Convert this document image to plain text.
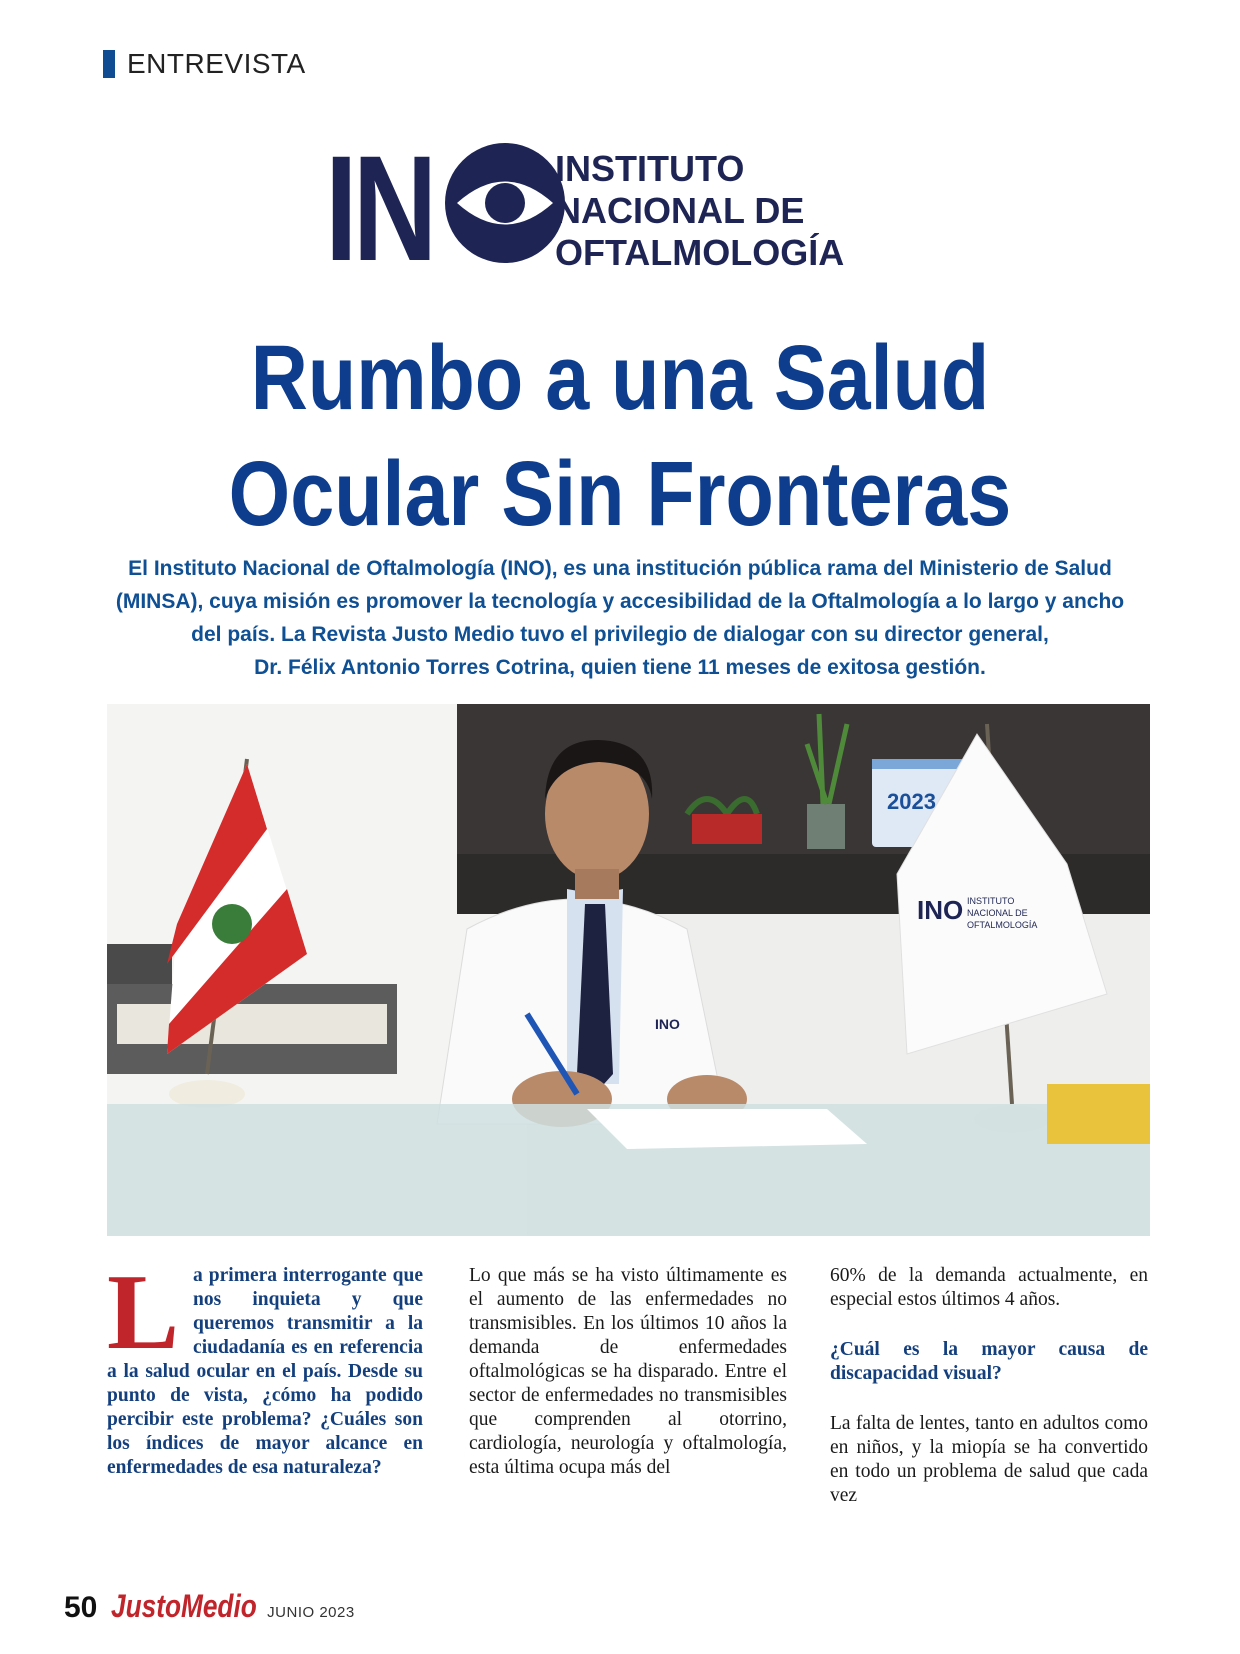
ENTREVISTA
IN	INSTITUTO
NACIONAL DE
OFTALMOLOGÍA
Rumbo a una Salud
Ocular Sin Fronteras
El Instituto Nacional de Oftalmología (INO), es una institución pública rama del Ministerio de Salud
(MINSA), cuya misión es promover la tecnología y accesibilidad de la Oftalmología a lo largo y ancho
del país. La Revista Justo Medio tuvo el privilegio de dialogar con su director general,
Dr. Félix Antonio Torres Cotrina, quien tiene 11 meses de exitosa gestión.
2023
INO
INO INSTITUTO
NACIONAL DE
OFTALMOLOGÍA
L a primera interrogante que nos inquieta y que queremos transmitir a la ciudadanía es en referencia a la salud ocular en el país. Desde su punto de vista, ¿cómo ha podido percibir este problema? ¿Cuáles son los índices de mayor alcance en enfermedades de esa naturaleza?
Lo que más se ha visto últimamente es el aumento de las enfermedades no transmisibles. En los últimos 10 años la demanda de enfermedades oftalmológicas se ha disparado. Entre el sector de enfermedades no transmisibles que comprenden al otorrino, cardiología, neurología y oftalmología, esta última ocupa más del
60% de la demanda actualmente, en especial estos últimos 4 años.
¿Cuál es la mayor causa de discapacidad visual?
La falta de lentes, tanto en adultos como en niños, y la miopía se ha convertido en todo un problema de salud que cada vez
50 JustoMedio JUNIO 2023
